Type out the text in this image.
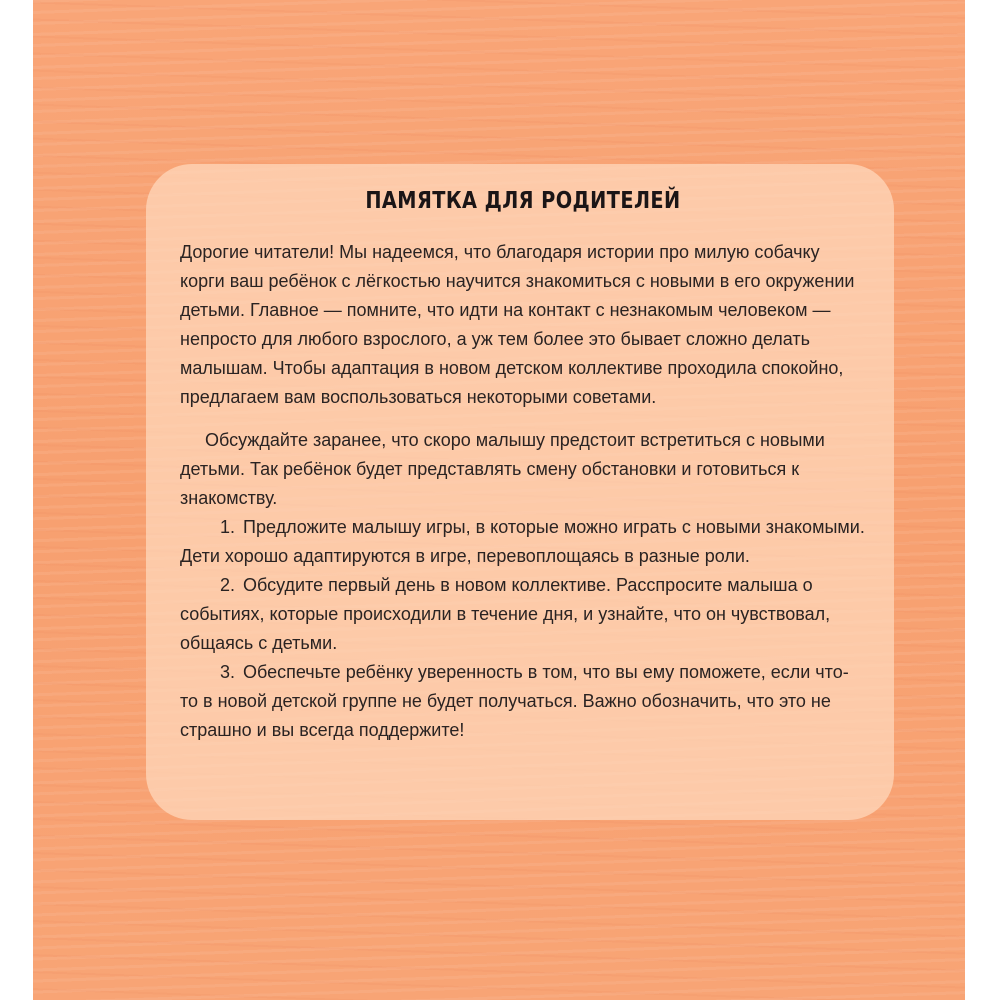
ПАМЯТКА ДЛЯ РОДИТЕЛЕЙ

Дорогие читатели! Мы надеемся, что благодаря истории про милую собачку корги ваш ребёнок с лёгкостью научится знакомиться с новыми в его окружении детьми. Главное — помните, что идти на контакт с незнакомым человеком — непросто для любого взрослого, а уж тем более это бывает сложно делать малышам. Чтобы адаптация в новом детском коллективе проходила спокойно, предлагаем вам воспользоваться некоторыми советами.

Обсуждайте заранее, что скоро малышу предстоит встретиться с новыми детьми. Так ребёнок будет представлять смену обстановки и готовиться к знакомству.

1. Предложите малышу игры, в которые можно играть с новыми знакомыми. Дети хорошо адаптируются в игре, перевоплощаясь в разные роли.

2. Обсудите первый день в новом коллективе. Расспросите малыша о событиях, которые происходили в течение дня, и узнайте, что он чувствовал, общаясь с детьми.

3. Обеспечьте ребёнку уверенность в том, что вы ему поможете, если что-то в новой детской группе не будет получаться. Важно обозначить, что это не страшно и вы всегда поддержите!
